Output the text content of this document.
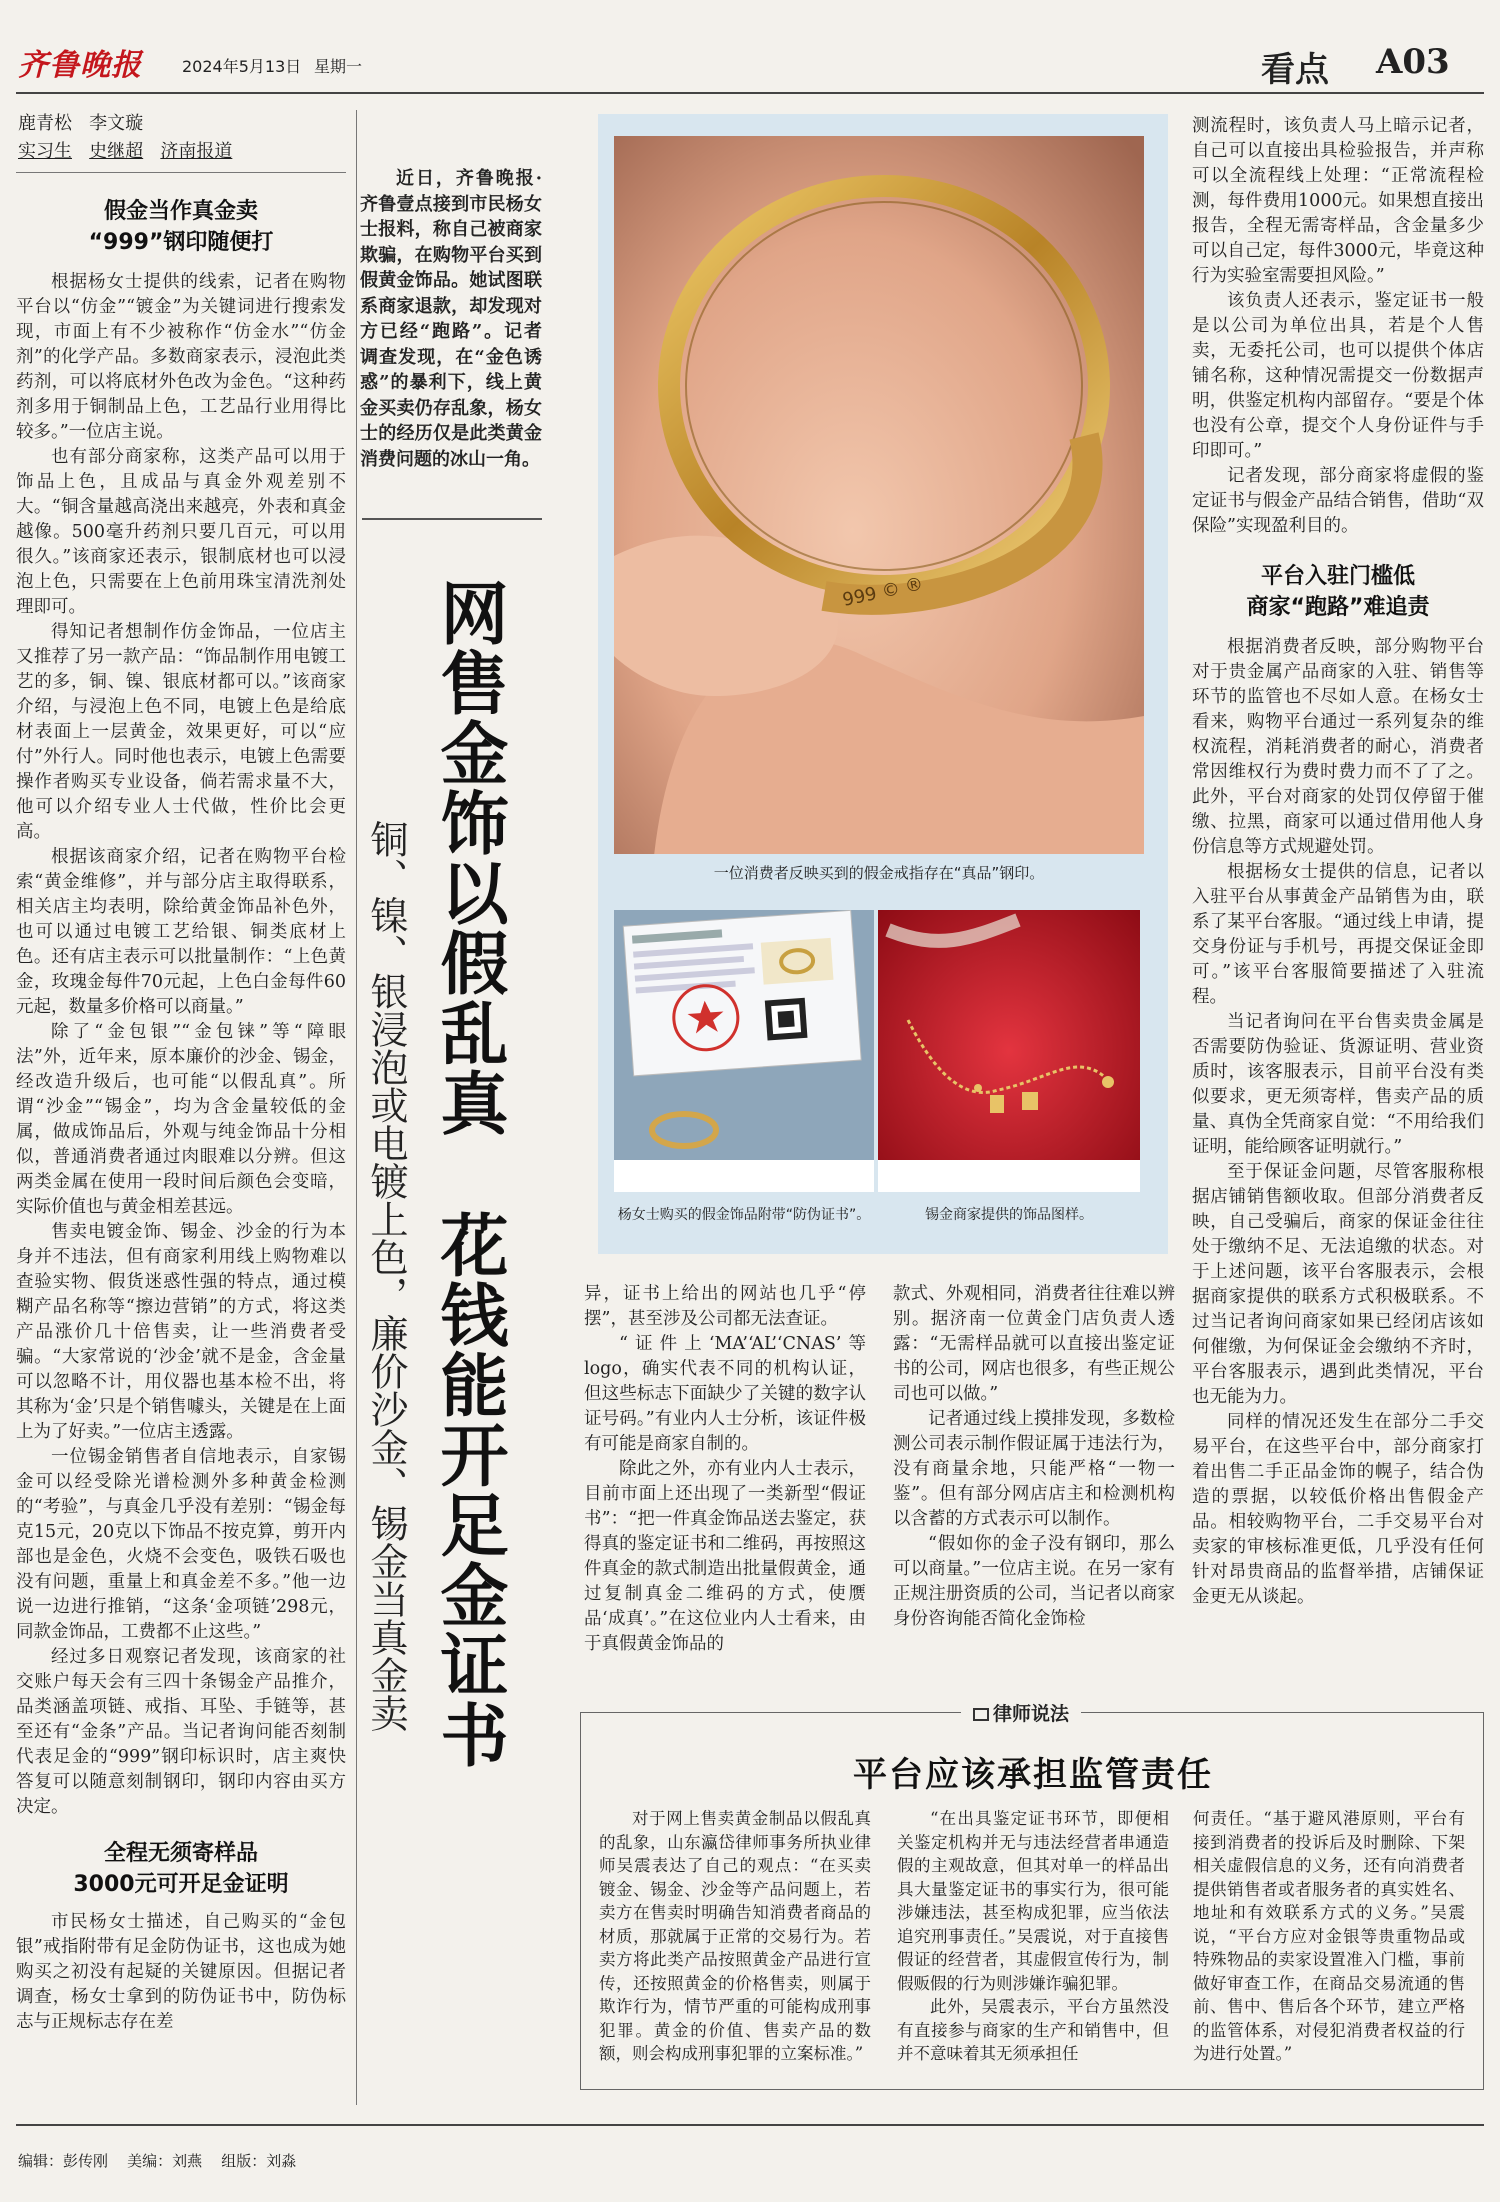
齐鲁晚报	2024年5月13日 星期一	看点 A03
鹿青松 李文璇
实习生 史继超 济南报道
假金当作真金卖
“999”钢印随便打

根据杨女士提供的线索，记者在购物平台以“仿金”“镀金”为关键词进行搜索发现，市面上有不少被称作“仿金水”“仿金剂”的化学产品。多数商家表示，浸泡此类药剂，可以将底材外色改为金色。“这种药剂多用于铜制品上色，工艺品行业用得比较多。”一位店主说。

也有部分商家称，这类产品可以用于饰品上色，且成品与真金外观差别不大。“铜含量越高浇出来越亮，外表和真金越像。500毫升药剂只要几百元，可以用很久。”该商家还表示，银制底材也可以浸泡上色，只需要在上色前用珠宝清洗剂处理即可。

得知记者想制作仿金饰品，一位店主又推荐了另一款产品：“饰品制作用电镀工艺的多，铜、镍、银底材都可以。”该商家介绍，与浸泡上色不同，电镀上色是给底材表面上一层黄金，效果更好，可以“应付”外行人。同时他也表示，电镀上色需要操作者购买专业设备，倘若需求量不大，他可以介绍专业人士代做，性价比会更高。

根据该商家介绍，记者在购物平台检索“黄金维修”，并与部分店主取得联系，相关店主均表明，除给黄金饰品补色外，也可以通过电镀工艺给银、铜类底材上色。还有店主表示可以批量制作：“上色黄金，玫瑰金每件70元起，上色白金每件60元起，数量多价格可以商量。”

除了“金包银”“金包铼”等“障眼法”外，近年来，原本廉价的沙金、锡金，经改造升级后，也可能“以假乱真”。所谓“沙金”“锡金”，均为含金量较低的金属，做成饰品后，外观与纯金饰品十分相似，普通消费者通过肉眼难以分辨。但这两类金属在使用一段时间后颜色会变暗，实际价值也与黄金相差甚远。

售卖电镀金饰、锡金、沙金的行为本身并不违法，但有商家利用线上购物难以查验实物、假货迷惑性强的特点，通过模糊产品名称等“擦边营销”的方式，将这类产品涨价几十倍售卖，让一些消费者受骗。“大家常说的‘沙金’就不是金，含金量可以忽略不计，用仪器也基本检不出，将其称为‘金’只是个销售噱头，关键是在上面上为了好卖。”一位店主透露。

一位锡金销售者自信地表示，自家锡金可以经受除光谱检测外多种黄金检测的“考验”，与真金几乎没有差别：“锡金每克15元，20克以下饰品不按克算，剪开内部也是金色，火烧不会变色，吸铁石吸也没有问题，重量上和真金差不多。”他一边说一边进行推销，“这条‘金项链’298元，同款金饰品，工费都不止这些。”

经过多日观察记者发现，该商家的社交账户每天会有三四十条锡金产品推介，品类涵盖项链、戒指、耳坠、手链等，甚至还有“金条”产品。当记者询问能否刻制代表足金的“999”钢印标识时，店主爽快答复可以随意刻制钢印，钢印内容由买方决定。

全程无须寄样品
3000元可开足金证明

市民杨女士描述，自己购买的“金包银”戒指附带有足金防伪证书，这也成为她购买之初没有起疑的关键原因。但据记者调查，杨女士拿到的防伪证书中，防伪标志与正规标志存在差

近日，齐鲁晚报·齐鲁壹点接到市民杨女士报料，称自己被商家欺骗，在购物平台买到假黄金饰品。她试图联系商家退款，却发现对方已经“跑路”。记者调查发现，在“金色诱惑”的暴利下，线上黄金买卖仍存乱象，杨女士的经历仅是此类黄金消费问题的冰山一角。
网售金饰以假乱真
花钱能开足金证书
铜、镍、银浸泡或电镀上色，廉价沙金、锡金当真金卖
999 © ®
一位消费者反映买到的假金戒指存在“真品”钢印。
杨女士购买的假金饰品附带“防伪证书”。	锡金商家提供的饰品图样。

异，证书上给出的网站也几乎“停摆”，甚至涉及公司都无法查证。

“证件上‘MA’‘AL’‘CNAS’等logo，确实代表不同的机构认证，但这些标志下面缺少了关键的数字认证号码。”有业内人士分析，该证件极有可能是商家自制的。

除此之外，亦有业内人士表示，目前市面上还出现了一类新型“假证书”：“把一件真金饰品送去鉴定，获得真的鉴定证书和二维码，再按照这件真金的款式制造出批量假黄金，通过复制真金二维码的方式，使赝品‘成真’。”在这位业内人士看来，由于真假黄金饰品的

款式、外观相同，消费者往往难以辨别。据济南一位黄金门店负责人透露：“无需样品就可以直接出鉴定证书的公司，网店也很多，有些正规公司也可以做。”

记者通过线上摸排发现，多数检测公司表示制作假证属于违法行为，没有商量余地，只能严格“一物一鉴”。但有部分网店店主和检测机构以含蓄的方式表示可以制作。

“假如你的金子没有钢印，那么可以商量。”一位店主说。在另一家有正规注册资质的公司，当记者以商家身份咨询能否简化金饰检

测流程时，该负责人马上暗示记者，自己可以直接出具检验报告，并声称可以全流程线上处理：“正常流程检测，每件费用1000元。如果想直接出报告，全程无需寄样品，含金量多少可以自己定，每件3000元，毕竟这种行为实验室需要担风险。”

该负责人还表示，鉴定证书一般是以公司为单位出具，若是个人售卖，无委托公司，也可以提供个体店铺名称，这种情况需提交一份数据声明，供鉴定机构内部留存。“要是个体也没有公章，提交个人身份证件与手印即可。”

记者发现，部分商家将虚假的鉴定证书与假金产品结合销售，借助“双保险”实现盈利目的。

平台入驻门槛低
商家“跑路”难追责

根据消费者反映，部分购物平台对于贵金属产品商家的入驻、销售等环节的监管也不尽如人意。在杨女士看来，购物平台通过一系列复杂的维权流程，消耗消费者的耐心，消费者常因维权行为费时费力而不了了之。此外，平台对商家的处罚仅停留于催缴、拉黑，商家可以通过借用他人身份信息等方式规避处罚。

根据杨女士提供的信息，记者以入驻平台从事黄金产品销售为由，联系了某平台客服。“通过线上申请，提交身份证与手机号，再提交保证金即可。”该平台客服简要描述了入驻流程。

当记者询问在平台售卖贵金属是否需要防伪验证、货源证明、营业资质时，该客服表示，目前平台没有类似要求，更无须寄样，售卖产品的质量、真伪全凭商家自觉：“不用给我们证明，能给顾客证明就行。”

至于保证金问题，尽管客服称根据店铺销售额收取。但部分消费者反映，自己受骗后，商家的保证金往往处于缴纳不足、无法追缴的状态。对于上述问题，该平台客服表示，会根据商家提供的联系方式积极联系。不过当记者询问商家如果已经闭店该如何催缴，为何保证金会缴纳不齐时，平台客服表示，遇到此类情况，平台也无能为力。

同样的情况还发生在部分二手交易平台，在这些平台中，部分商家打着出售二手正品金饰的幌子，结合伪造的票据，以较低价格出售假金产品。相较购物平台，二手交易平台对卖家的审核标准更低，几乎没有任何针对昂贵商品的监督举措，店铺保证金更无从谈起。

律师说法
平台应该承担监管责任

对于网上售卖黄金制品以假乱真的乱象，山东瀛岱律师事务所执业律师吴震表达了自己的观点：“在买卖镀金、锡金、沙金等产品问题上，若卖方在售卖时明确告知消费者商品的材质，那就属于正常的交易行为。若卖方将此类产品按照黄金产品进行宣传，还按照黄金的价格售卖，则属于欺诈行为，情节严重的可能构成刑事犯罪。黄金的价值、售卖产品的数额，则会构成刑事犯罪的立案标准。”

“在出具鉴定证书环节，即便相关鉴定机构并无与违法经营者串通造假的主观故意，但其对单一的样品出具大量鉴定证书的事实行为，很可能涉嫌违法，甚至构成犯罪，应当依法追究刑事责任。”吴震说，对于直接售假证的经营者，其虚假宣传行为，制假贩假的行为则涉嫌诈骗犯罪。

此外，吴震表示，平台方虽然没有直接参与商家的生产和销售中，但并不意味着其无须承担任

何责任。“基于避风港原则，平台有接到消费者的投诉后及时删除、下架相关虚假信息的义务，还有向消费者提供销售者或者服务者的真实姓名、地址和有效联系方式的义务。”吴震说，“平台方应对金银等贵重物品或特殊物品的卖家设置准入门槛，事前做好审查工作，在商品交易流通的售前、售中、售后各个环节，建立严格的监管体系，对侵犯消费者权益的行为进行处置。”

编辑：彭传刚 美编：刘燕 组版：刘淼
